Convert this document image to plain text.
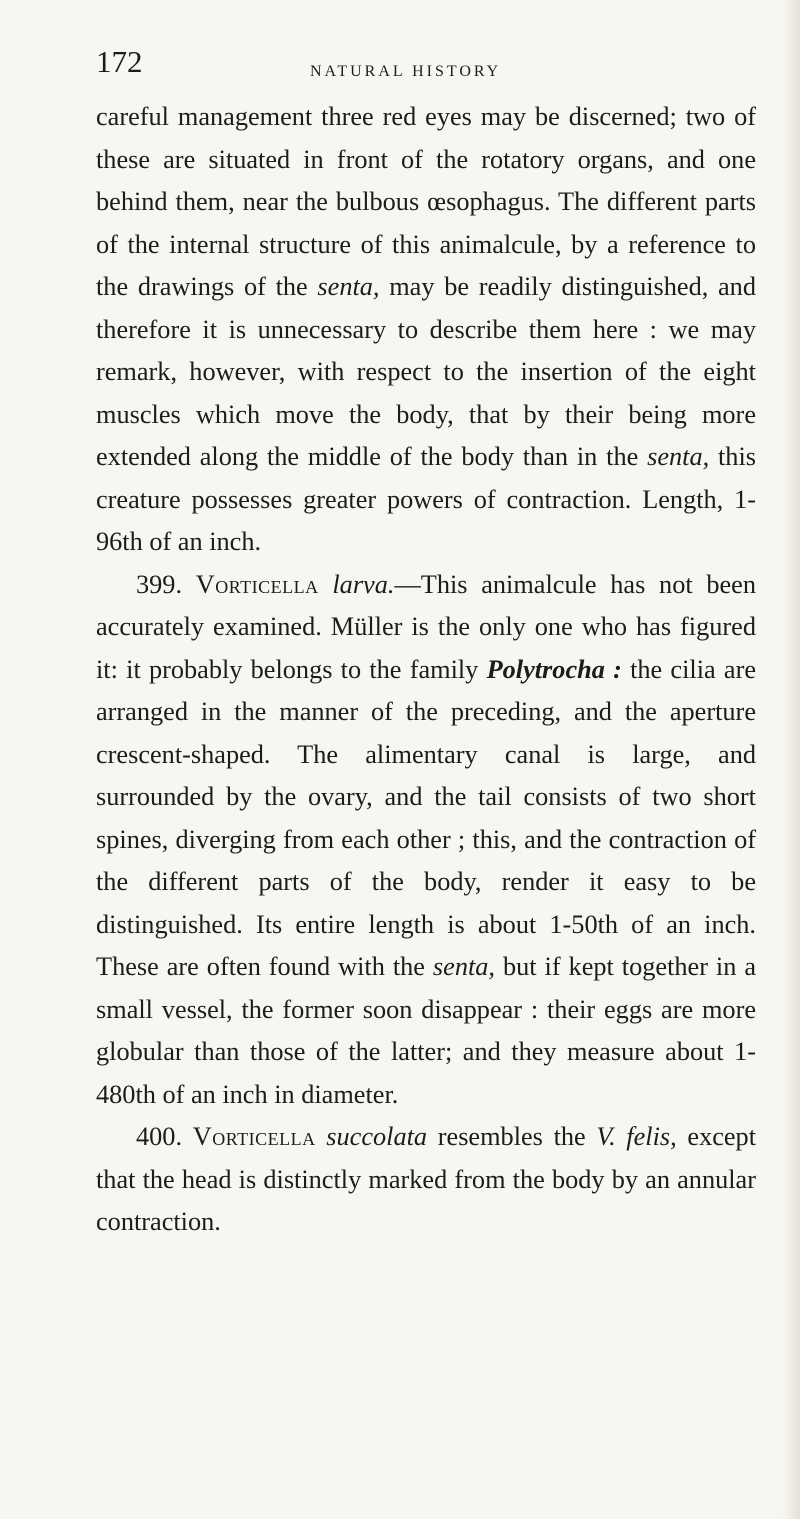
172	NATURAL HISTORY

careful management three red eyes may be discerned; two of these are situated in front of the rotatory organs, and one behind them, near the bulbous œsophagus. The different parts of the internal structure of this animalcule, by a reference to the drawings of the senta, may be readily distinguished, and therefore it is unnecessary to describe them here : we may remark, however, with respect to the insertion of the eight muscles which move the body, that by their being more extended along the middle of the body than in the senta, this creature possesses greater powers of contraction. Length, 1-96th of an inch.

399. Vorticella larva.—This animalcule has not been accurately examined. Müller is the only one who has figured it: it probably belongs to the family Polytrocha : the cilia are arranged in the manner of the preceding, and the aperture crescent-shaped. The alimentary canal is large, and surrounded by the ovary, and the tail consists of two short spines, diverging from each other ; this, and the contraction of the different parts of the body, render it easy to be distinguished. Its entire length is about 1-50th of an inch. These are often found with the senta, but if kept together in a small vessel, the former soon disappear : their eggs are more globular than those of the latter; and they measure about 1-480th of an inch in diameter.

400. Vorticella succolata resembles the V. felis, except that the head is distinctly marked from the body by an annular contraction.
